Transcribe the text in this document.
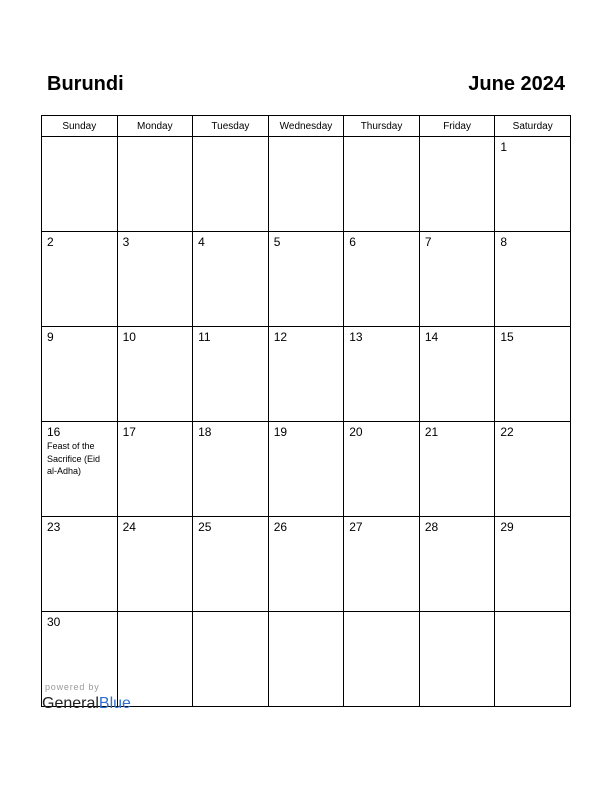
Burundi	June 2024
Sunday	Monday	Tuesday	Wednesday	Thursday	Friday	Saturday

						1

2	3	4	5	6	7	8

9	10	11	12	13	14	15

16
Feast of the Sacrifice (Eid al-Adha)	17	18	19	20	21	22

23	24	25	26	27	28	29

30						

powered by
GeneralBlue
